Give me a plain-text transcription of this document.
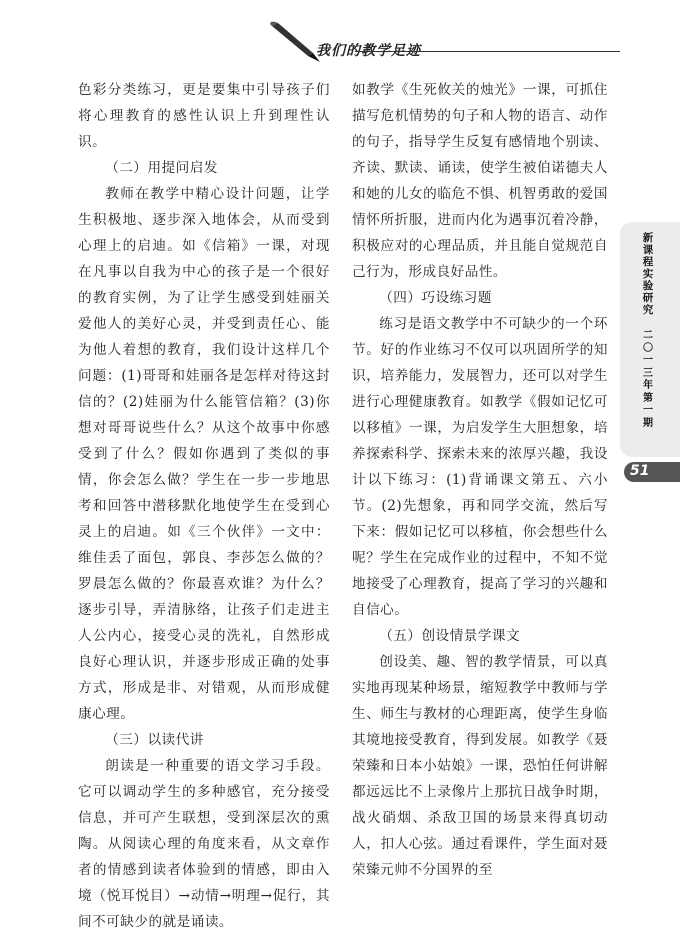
我们的教学足迹

色彩分类练习，更是要集中引导孩子们将心理教育的感性认识上升到理性认识。

（二）用提问启发

教师在教学中精心设计问题，让学生积极地、逐步深入地体会，从而受到心理上的启迪。如《信箱》一课，对现在凡事以自我为中心的孩子是一个很好的教育实例，为了让学生感受到娃丽关爱他人的美好心灵，并受到责任心、能为他人着想的教育，我们设计这样几个问题：(1)哥哥和娃丽各是怎样对待这封信的？(2)娃丽为什么能管信箱？(3)你想对哥哥说些什么？从这个故事中你感受到了什么？假如你遇到了类似的事情，你会怎么做？学生在一步一步地思考和回答中潜移默化地使学生在受到心灵上的启迪。如《三个伙伴》一文中：维佳丢了面包，郭良、李莎怎么做的？罗晨怎么做的？你最喜欢谁？为什么？逐步引导，弄清脉络，让孩子们走进主人公内心，接受心灵的洗礼，自然形成良好心理认识，并逐步形成正确的处事方式，形成是非、对错观，从而形成健康心理。

（三）以读代讲

朗读是一种重要的语文学习手段。它可以调动学生的多种感官，充分接受信息，并可产生联想，受到深层次的熏陶。从阅读心理的角度来看，从文章作者的情感到读者体验到的情感，即由入境（悦耳悦目）→动情→明理→促行，其间不可缺少的就是诵读。

如教学《生死攸关的烛光》一课，可抓住描写危机情势的句子和人物的语言、动作的句子，指导学生反复有感情地个别读、齐读、默读、诵读，使学生被伯诺德夫人和她的儿女的临危不惧、机智勇敢的爱国情怀所折服，进而内化为遇事沉着冷静，积极应对的心理品质，并且能自觉规范自己行为，形成良好品性。

（四）巧设练习题

练习是语文教学中不可缺少的一个环节。好的作业练习不仅可以巩固所学的知识，培养能力，发展智力，还可以对学生进行心理健康教育。如教学《假如记忆可以移植》一课，为启发学生大胆想象，培养探索科学、探索未来的浓厚兴趣，我设计以下练习：(1)背诵课文第五、六小节。(2)先想象，再和同学交流，然后写下来：假如记忆可以移植，你会想些什么呢？学生在完成作业的过程中，不知不觉地接受了心理教育，提高了学习的兴趣和自信心。

（五）创设情景学课文

创设美、趣、智的教学情景，可以真实地再现某种场景，缩短教学中教师与学生、师生与教材的心理距离，使学生身临其境地接受教育，得到发展。如教学《聂荣臻和日本小姑娘》一课，恐怕任何讲解都远远比不上录像片上那抗日战争时期，战火硝烟、杀敌卫国的场景来得真切动人，扣人心弦。通过看课件，学生面对聂荣臻元帅不分国界的至

新
课
程
实
验
研
究
二
〇
一
三
年
第
一
期
51
